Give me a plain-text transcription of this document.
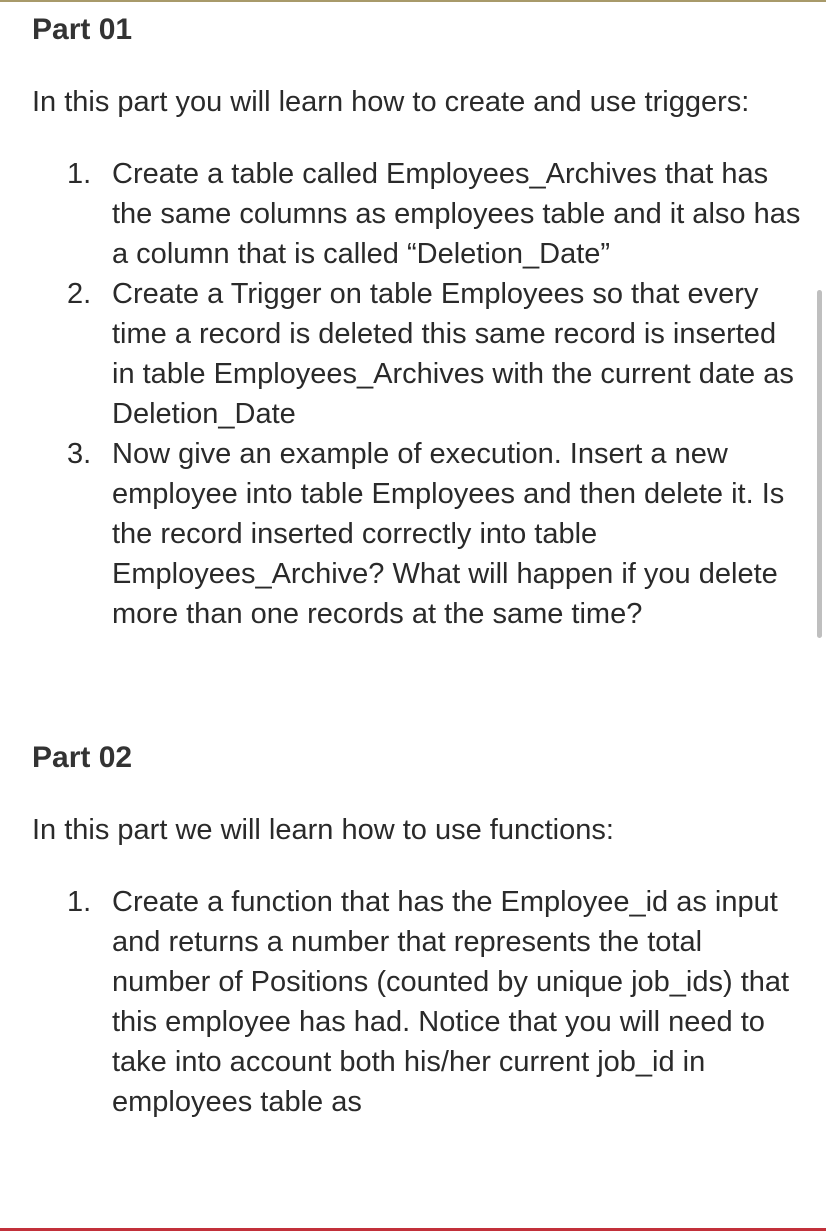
Part 01

In this part you will learn how to create and use triggers:

1. Create a table called Employees_Archives that has the same columns as employees table and it also has a column that is called “Deletion_Date”
2. Create a Trigger on table Employees so that every time a record is deleted this same record is inserted in table Employees_Archives with the current date as Deletion_Date
3. Now give an example of execution. Insert a new employee into table Employees and then delete it. Is the record inserted correctly into table Employees_Archive? What will happen if you delete more than one records at the same time?
Part 02

In this part we will learn how to use functions:

1. Create a function that has the Employee_id as input and returns a number that represents the total number of Positions (counted by unique job_ids) that this employee has had. Notice that you will need to take into account both his/her current job_id in employees table as
